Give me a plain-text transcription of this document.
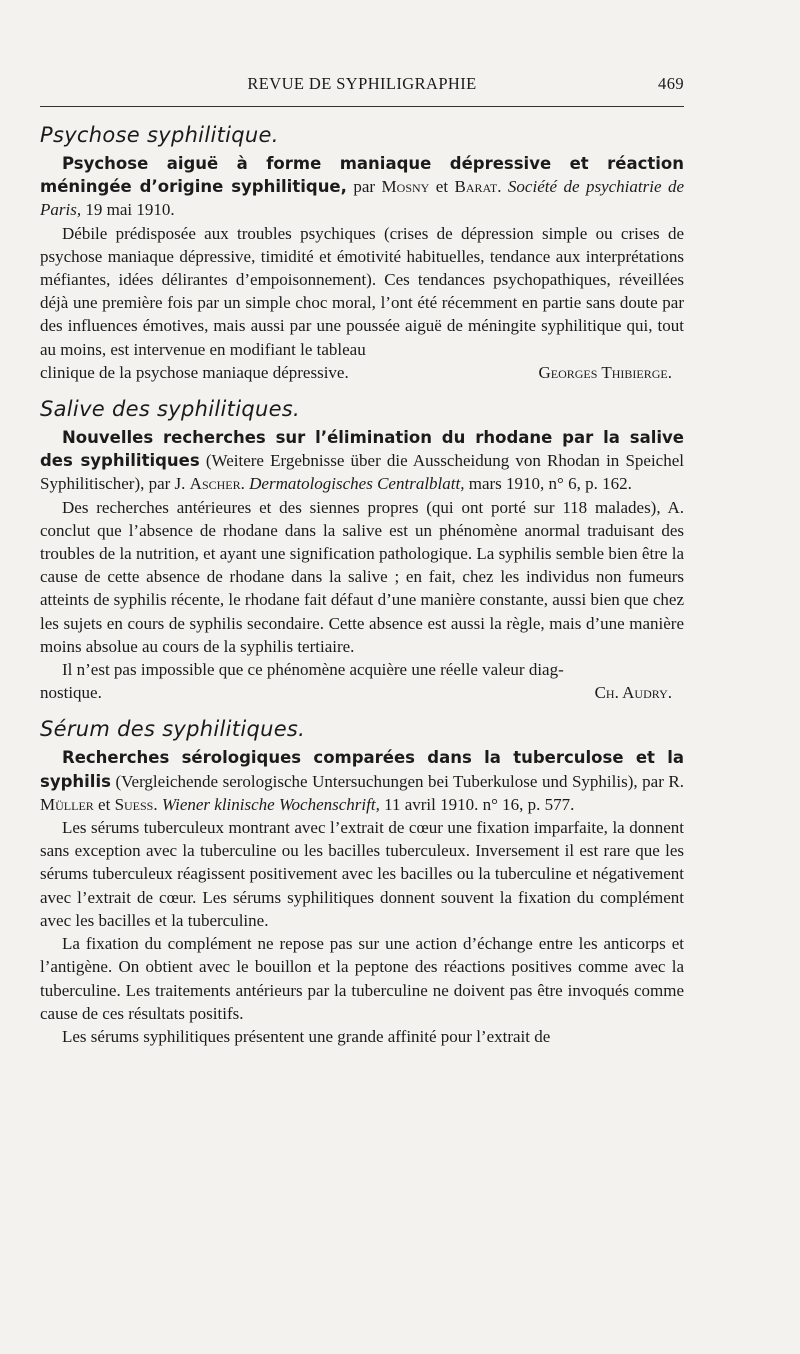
REVUE DE SYPHILIGRAPHIE	469
Psychose syphilitique.

Psychose aiguë à forme maniaque dépressive et réaction méningée d’origine syphilitique, par Mosny et Barat. Société de psychiatrie de Paris, 19 mai 1910.

Débile prédisposée aux troubles psychiques (crises de dépression simple ou crises de psychose maniaque dépressive, timidité et émotivité habituelles, tendance aux interprétations méfiantes, idées délirantes d’empoisonnement). Ces tendances psychopathiques, réveillées déjà une première fois par un simple choc moral, l’ont été récemment en partie sans doute par des influences émotives, mais aussi par une poussée aiguë de méningite syphilitique qui, tout au moins, est intervenue en modifiant le tableau

clinique de la psychose maniaque dépressive.	Georges Thibierge.

Salive des syphilitiques.

Nouvelles recherches sur l’élimination du rhodane par la salive des syphilitiques (Weitere Ergebnisse über die Ausscheidung von Rhodan in Speichel Syphilitischer), par J. Ascher. Dermatologisches Centralblatt, mars 1910, n° 6, p. 162.

Des recherches antérieures et des siennes propres (qui ont porté sur 118 malades), A. conclut que l’absence de rhodane dans la salive est un phénomène anormal traduisant des troubles de la nutrition, et ayant une signification pathologique. La syphilis semble bien être la cause de cette absence de rhodane dans la salive ; en fait, chez les individus non fumeurs atteints de syphilis récente, le rhodane fait défaut d’une manière constante, aussi bien que chez les sujets en cours de syphilis secondaire. Cette absence est aussi la règle, mais d’une manière moins absolue au cours de la syphilis tertiaire.

Il n’est pas impossible que ce phénomène acquière une réelle valeur diag-

nostique.	Ch. Audry.

Sérum des syphilitiques.

Recherches sérologiques comparées dans la tuberculose et la syphilis (Vergleichende serologische Untersuchungen bei Tuberkulose und Syphilis), par R. Müller et Suess. Wiener klinische Wochenschrift, 11 avril 1910. n° 16, p. 577.

Les sérums tuberculeux montrant avec l’extrait de cœur une fixation imparfaite, la donnent sans exception avec la tuberculine ou les bacilles tuberculeux. Inversement il est rare que les sérums tuberculeux réagissent positivement avec les bacilles ou la tuberculine et négativement avec l’extrait de cœur. Les sérums syphilitiques donnent souvent la fixation du complément avec les bacilles et la tuberculine.

La fixation du complément ne repose pas sur une action d’échange entre les anticorps et l’antigène. On obtient avec le bouillon et la peptone des réactions positives comme avec la tuberculine. Les traitements antérieurs par la tuberculine ne doivent pas être invoqués comme cause de ces résultats positifs.

Les sérums syphilitiques présentent une grande affinité pour l’extrait de
